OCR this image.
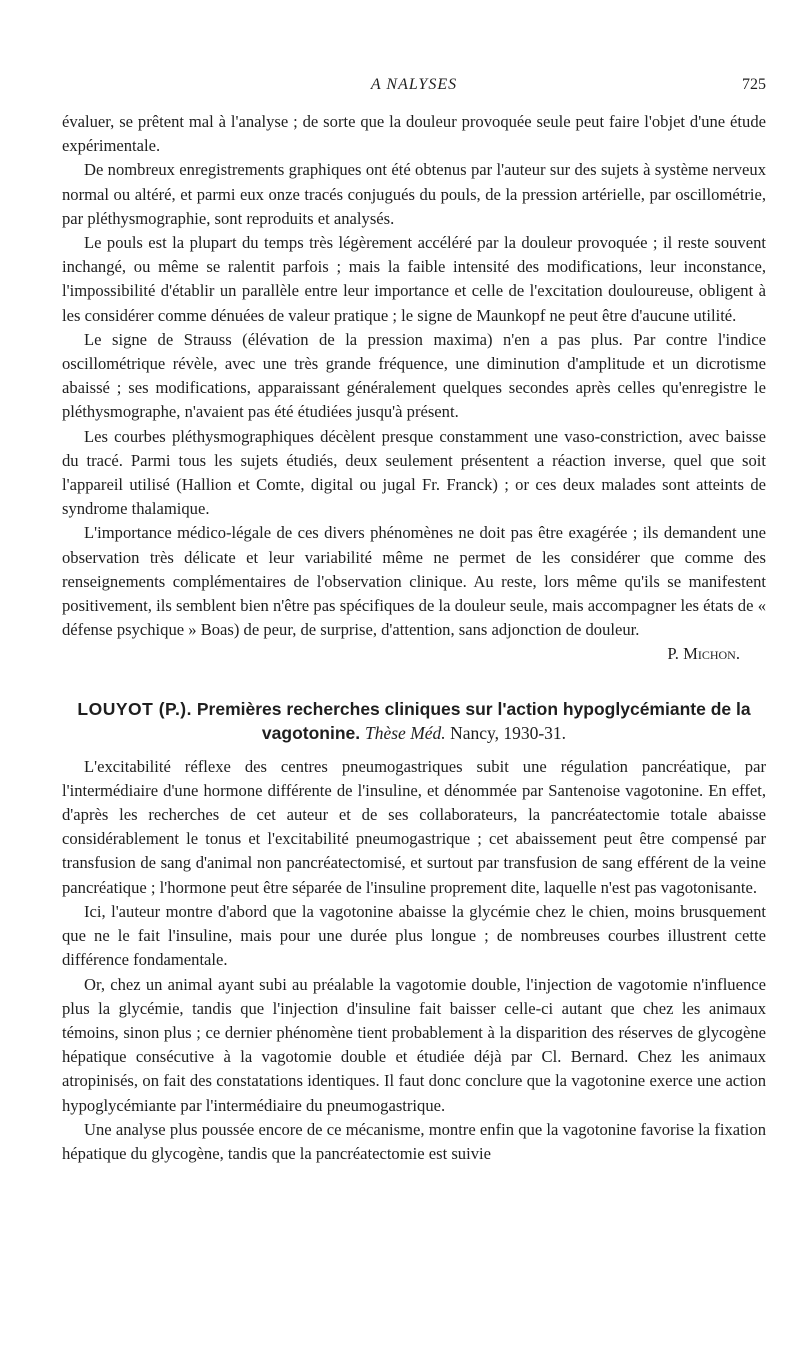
A NALYSES	725

évaluer, se prêtent mal à l'analyse ; de sorte que la douleur provoquée seule peut faire l'objet d'une étude expérimentale.

De nombreux enregistrements graphiques ont été obtenus par l'auteur sur des sujets à système nerveux normal ou altéré, et parmi eux onze tracés conjugués du pouls, de la pression artérielle, par oscillométrie, par pléthysmographie, sont reproduits et analysés.

Le pouls est la plupart du temps très légèrement accéléré par la douleur provoquée ; il reste souvent inchangé, ou même se ralentit parfois ; mais la faible intensité des modifications, leur inconstance, l'impossibilité d'établir un parallèle entre leur importance et celle de l'excitation douloureuse, obligent à les considérer comme dénuées de valeur pratique ; le signe de Maunkopf ne peut être d'aucune utilité.

Le signe de Strauss (élévation de la pression maxima) n'en a pas plus. Par contre l'indice oscillométrique révèle, avec une très grande fréquence, une diminution d'amplitude et un dicrotisme abaissé ; ses modifications, apparaissant généralement quelques secondes après celles qu'enregistre le pléthysmographe, n'avaient pas été étudiées jusqu'à présent.

Les courbes pléthysmographiques décèlent presque constamment une vaso-constriction, avec baisse du tracé. Parmi tous les sujets étudiés, deux seulement présentent a réaction inverse, quel que soit l'appareil utilisé (Hallion et Comte, digital ou jugal Fr. Franck) ; or ces deux malades sont atteints de syndrome thalamique.

L'importance médico-légale de ces divers phénomènes ne doit pas être exagérée ; ils demandent une observation très délicate et leur variabilité même ne permet de les considérer que comme des renseignements complémentaires de l'observation clinique. Au reste, lors même qu'ils se manifestent positivement, ils semblent bien n'être pas spécifiques de la douleur seule, mais accompagner les états de « défense psychique » Boas) de peur, de surprise, d'attention, sans adjonction de douleur.

P. Michon.

LOUYOT (P.). Premières recherches cliniques sur l'action hypoglycémiante de la vagotonine. Thèse Méd. Nancy, 1930-31.

L'excitabilité réflexe des centres pneumogastriques subit une régulation pancréatique, par l'intermédiaire d'une hormone différente de l'insuline, et dénommée par Santenoise vagotonine. En effet, d'après les recherches de cet auteur et de ses collaborateurs, la pancréatectomie totale abaisse considérablement le tonus et l'excitabilité pneumogastrique ; cet abaissement peut être compensé par transfusion de sang d'animal non pancréatectomisé, et surtout par transfusion de sang efférent de la veine pancréatique ; l'hormone peut être séparée de l'insuline proprement dite, laquelle n'est pas vagotonisante.

Ici, l'auteur montre d'abord que la vagotonine abaisse la glycémie chez le chien, moins brusquement que ne le fait l'insuline, mais pour une durée plus longue ; de nombreuses courbes illustrent cette différence fondamentale.

Or, chez un animal ayant subi au préalable la vagotomie double, l'injection de vagotomie n'influence plus la glycémie, tandis que l'injection d'insuline fait baisser celle-ci autant que chez les animaux témoins, sinon plus ; ce dernier phénomène tient probablement à la disparition des réserves de glycogène hépatique consécutive à la vagotomie double et étudiée déjà par Cl. Bernard. Chez les animaux atropinisés, on fait des constatations identiques. Il faut donc conclure que la vagotonine exerce une action hypoglycémiante par l'intermédiaire du pneumogastrique.

Une analyse plus poussée encore de ce mécanisme, montre enfin que la vagotonine favorise la fixation hépatique du glycogène, tandis que la pancréatectomie est suivie
